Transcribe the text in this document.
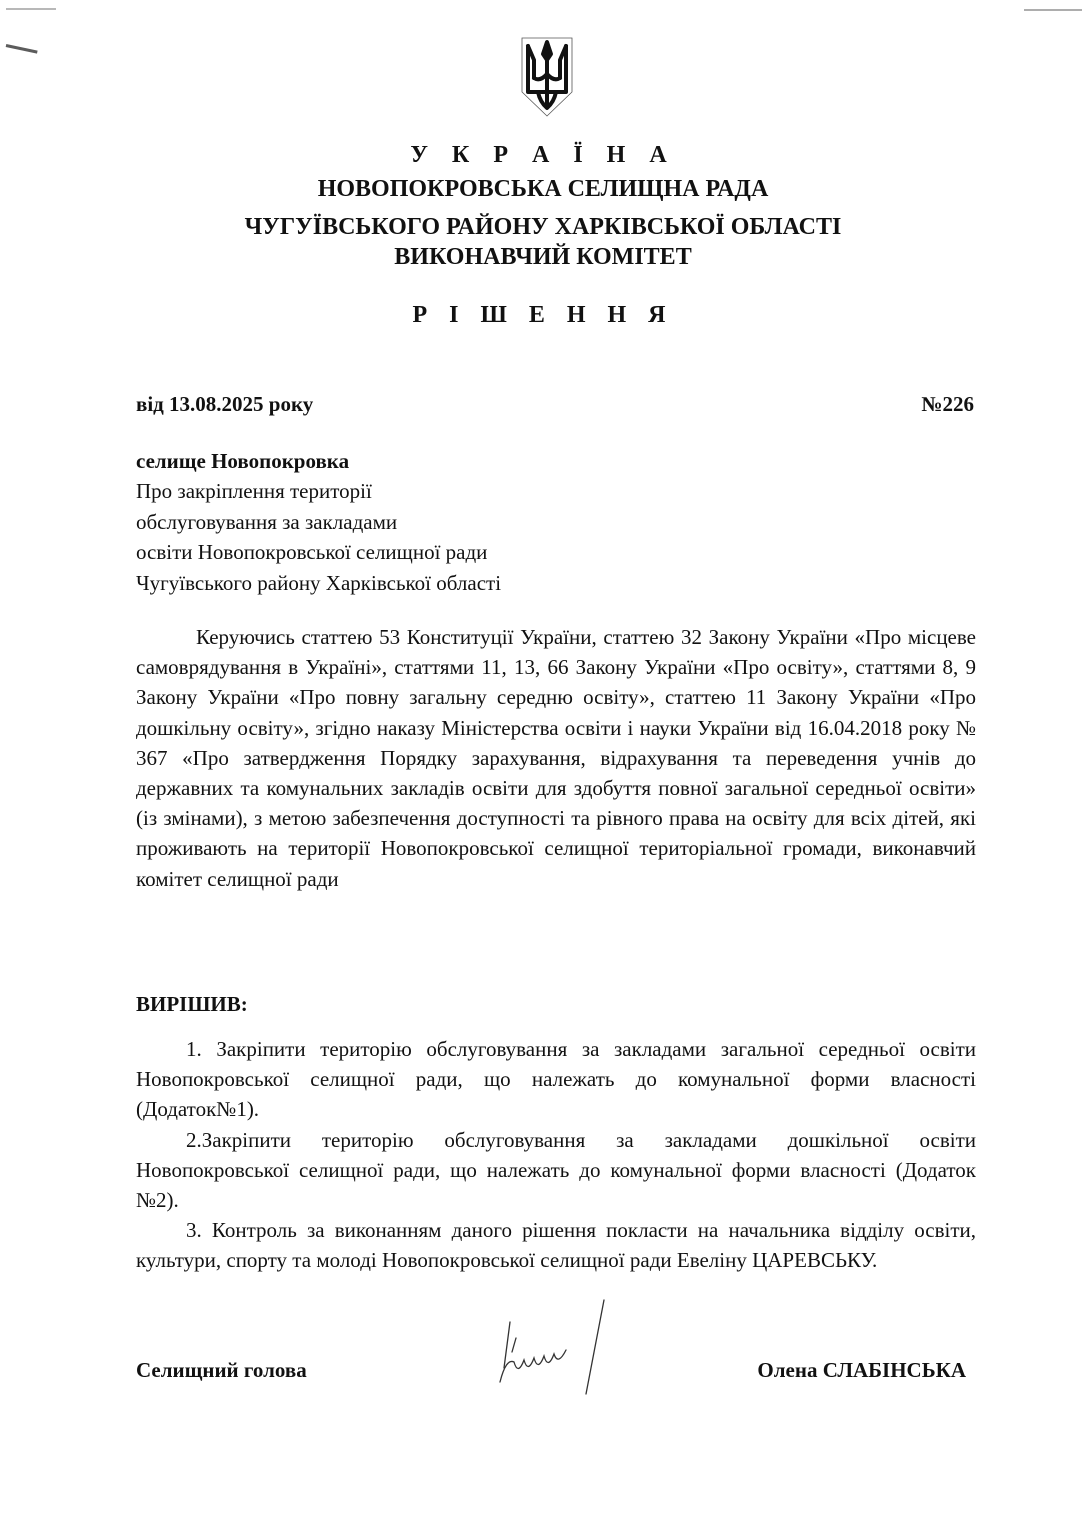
У К Р А Ї Н А
НОВОПОКРОВСЬКА СЕЛИЩНА РАДА
ЧУГУЇВСЬКОГО РАЙОНУ ХАРКІВСЬКОЇ ОБЛАСТІ
ВИКОНАВЧИЙ КОМІТЕТ
Р І Ш Е Н Н Я
від 13.08.2025 року	№226
селище Новопокровка
Про закріплення території
обслуговування за закладами
освіти Новопокровської селищної ради
Чугуївського району Харківської області
Керуючись статтею 53 Конституції України, статтею 32 Закону України «Про місцеве самоврядування в Україні», статтями 11, 13, 66 Закону України «Про освіту», статтями 8, 9 Закону України «Про повну загальну середню освіту», статтею 11 Закону України «Про дошкільну освіту», згідно наказу Міністерства освіти і науки України від 16.04.2018 року № 367 «Про затвердження Порядку зарахування, відрахування та переведення учнів до державних та комунальних закладів освіти для здобуття повної загальної середньої освіти» (із змінами), з метою забезпечення доступності та рівного права на освіту для всіх дітей, які проживають на території Новопокровської селищної територіальної громади, виконавчий комітет селищної ради
ВИРІШИВ:

1. Закріпити територію обслуговування за закладами загальної середньої освіти Новопокровської селищної ради, що належать до комунальної форми власності (Додаток№1).

2.Закріпити територію обслуговування за закладами дошкільної освіти Новопокровської селищної ради, що належать до комунальної форми власності (Додаток №2).

3. Контроль за виконанням даного рішення покласти на начальника відділу освіти, культури, спорту та молоді Новопокровської селищної ради Евеліну ЦАРЕВСЬКУ.

Селищний голова	Олена СЛАБІНСЬКА
